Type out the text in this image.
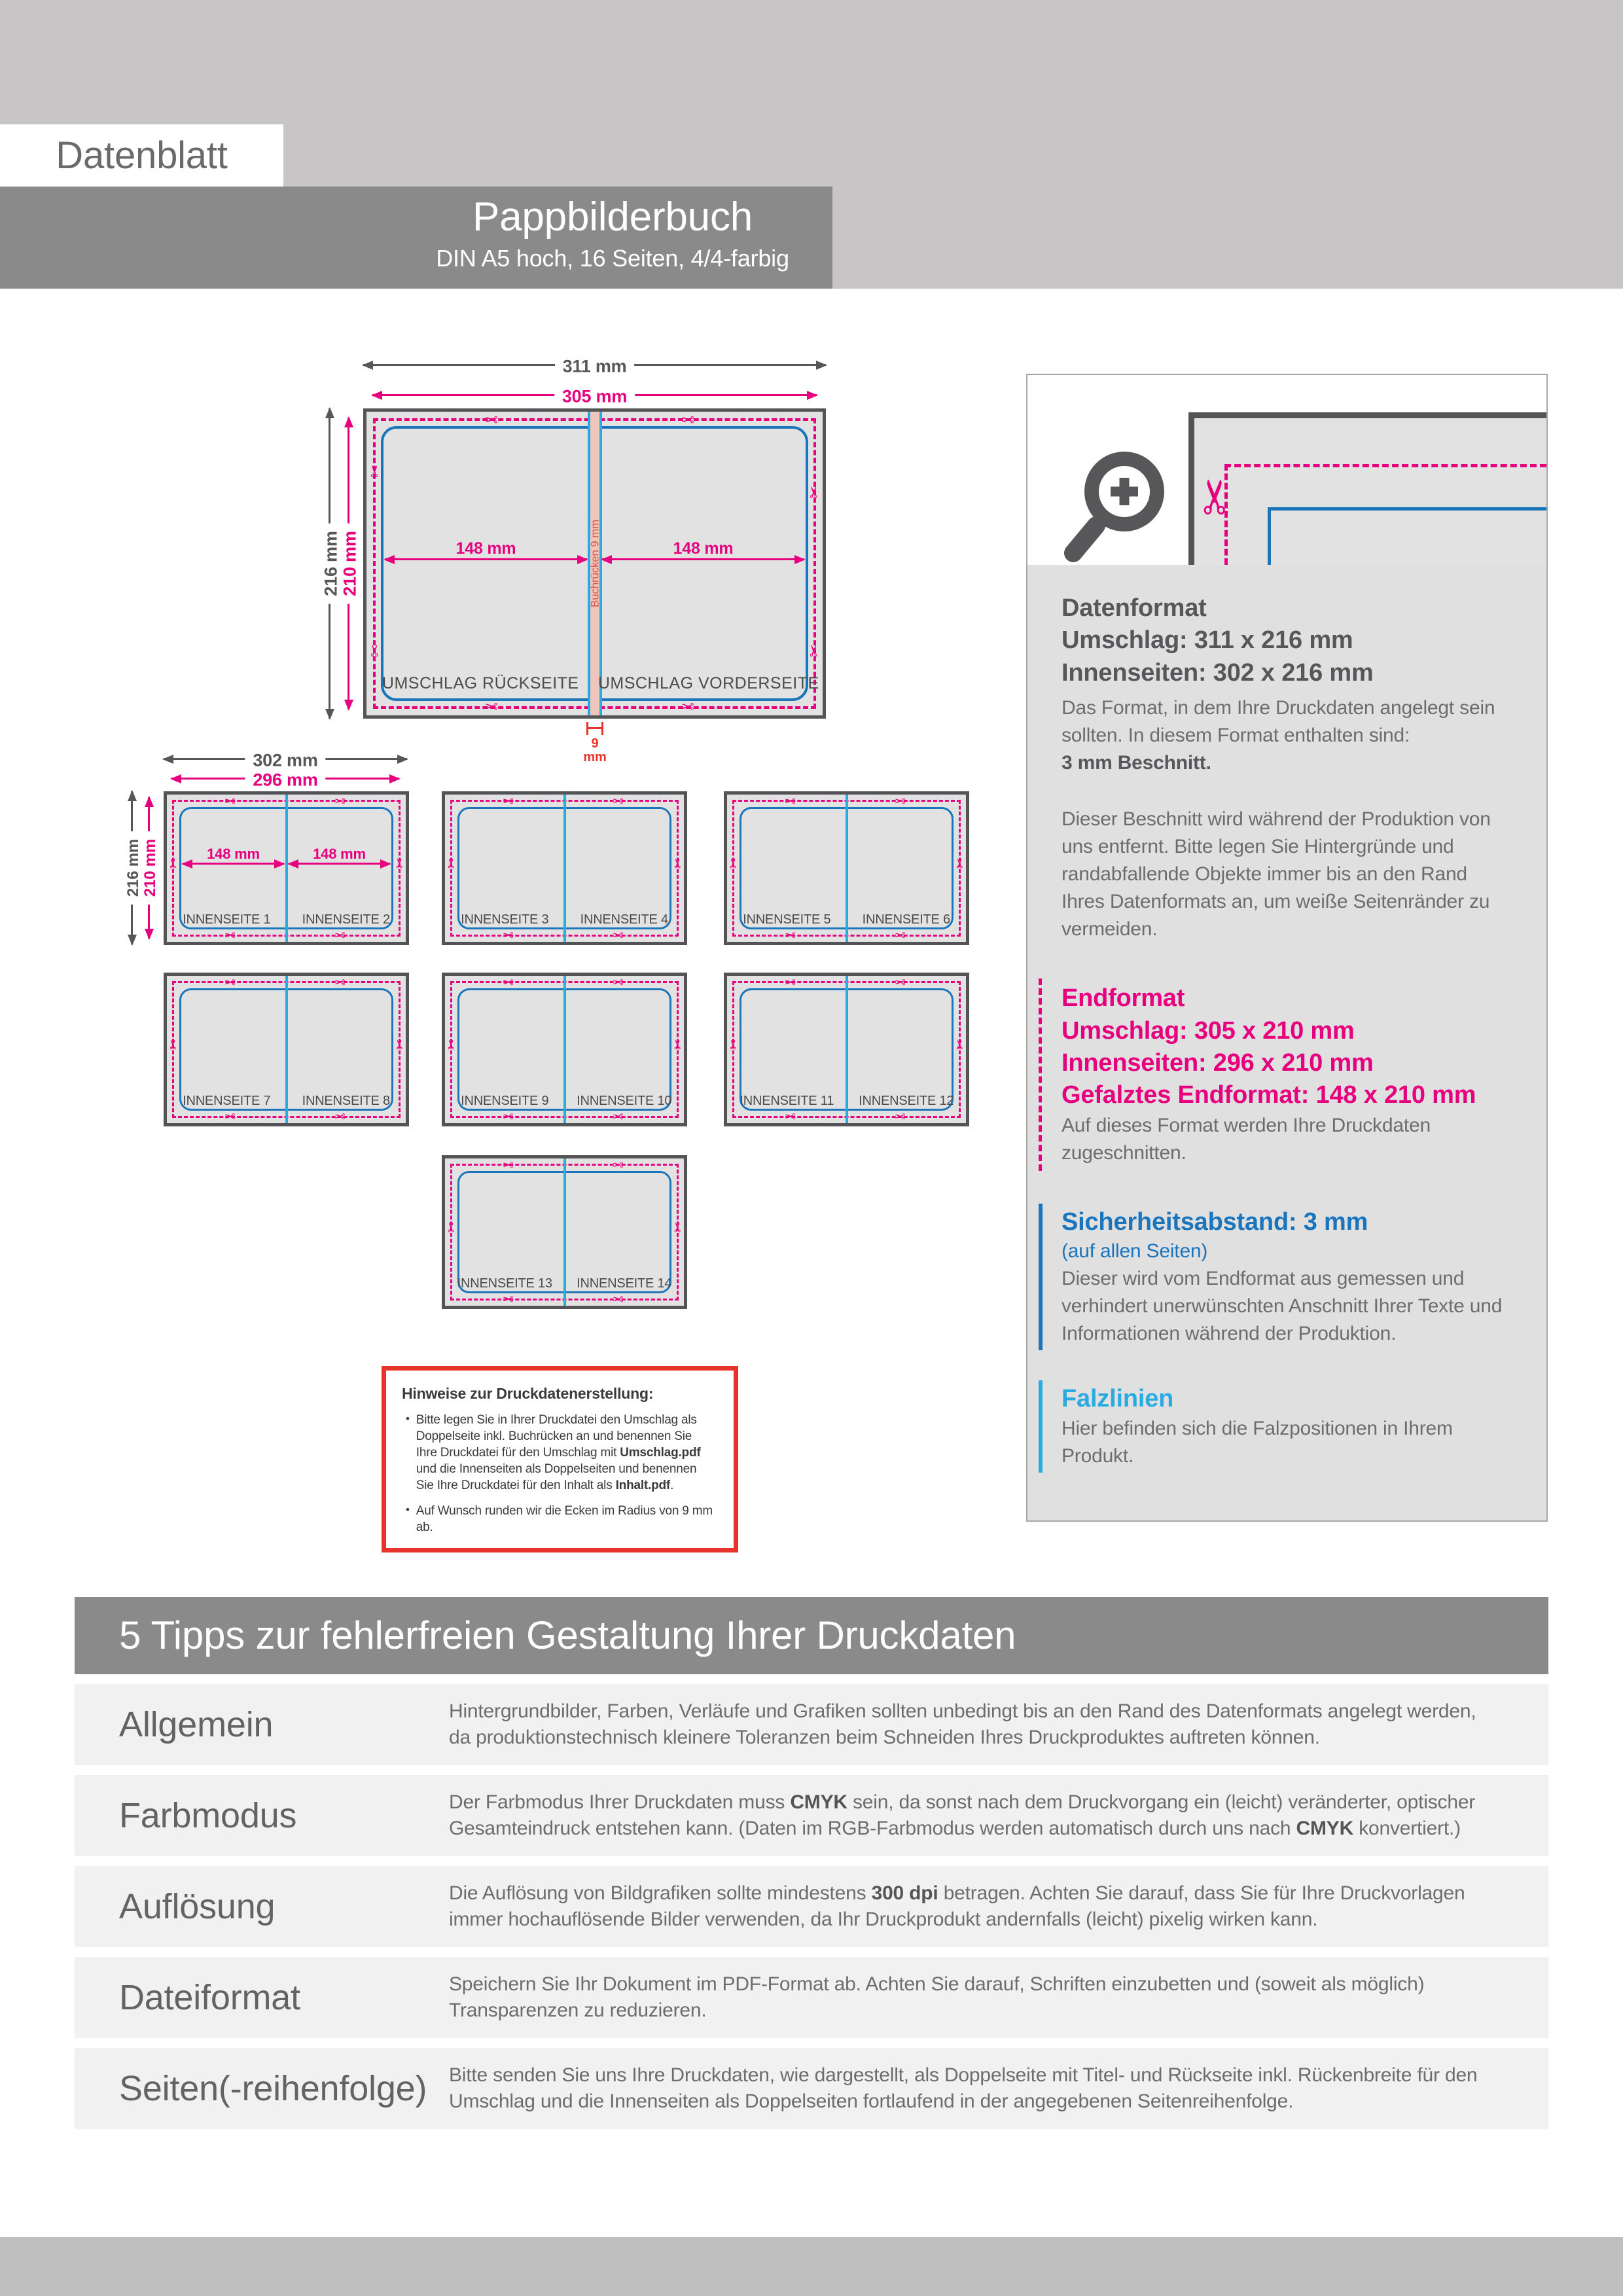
Pappbilderbuch
DIN A5 hoch, 16 Seiten, 4/4-farbig
Datenblatt
311 mm
305 mm
216 mm 210 mm	Buchrücken 9 mm
148 mm	148 mm
UMSCHLAG RÜCKSEITE	UMSCHLAG VORDERSEITE
✂
✂
✂
✂
✂
✂
✂
✂
9
mm
302 mm
296 mm
216 mm 210 mm	148 mm	148 mm
INNENSEITE 1	INNENSEITE 2
✂
✂
✂
✂
✂
✂	INNENSEITE 3	INNENSEITE 4
✂
✂
✂
✂
✂
✂	INNENSEITE 5	INNENSEITE 6
✂
✂
✂
✂
✂
✂
INNENSEITE 7	INNENSEITE 8
✂
✂
✂
✂
✂
✂	INNENSEITE 9	INNENSEITE 10
✂
✂
✂
✂
✂
✂	INNENSEITE 11	INNENSEITE 12
✂
✂
✂
✂
✂
✂
INNENSEITE 13	INNENSEITE 14
✂
✂
✂
✂
✂
✂
Hinweise zur Druckdatenerstellung:
• Bitte legen Sie in Ihrer Druckdatei den Umschlag als Doppelseite inkl. Buchrücken an und benennen Sie Ihre Druckdatei für den Umschlag mit Umschlag.pdf und die Innenseiten als Doppelseiten und benennen Sie Ihre Druckdatei für den Inhalt als Inhalt.pdf.
• Auf Wunsch runden wir die Ecken im Radius von 9 mm ab.
✂
Datenformat
Umschlag: 311 x 216 mm
Innenseiten: 302 x 216 mm
Das Format, in dem Ihre Druckdaten angelegt sein sollten. In diesem Format enthalten sind:
3 mm Beschnitt.
Dieser Beschnitt wird während der Produktion von uns entfernt. Bitte legen Sie Hintergründe und randabfallende Objekte immer bis an den Rand Ihres Datenformats an, um weiße Seitenränder zu vermeiden.
Endformat
Umschlag: 305 x 210 mm
Innenseiten: 296 x 210 mm
Gefalztes Endformat: 148 x 210 mm
Auf dieses Format werden Ihre Druckdaten zugeschnitten.
Sicherheitsabstand: 3 mm
(auf allen Seiten)
Dieser wird vom Endformat aus gemessen und verhindert unerwünschten Anschnitt Ihrer Texte und Informationen während der Produktion.
Falzlinien
Hier befinden sich die Falzpositionen in Ihrem Produkt.
5 Tipps zur fehlerfreien Gestaltung Ihrer Druckdaten
Allgemein	Hintergrundbilder, Farben, Verläufe und Grafiken sollten unbedingt bis an den Rand des Datenformats angelegt werden, da produktionstechnisch kleinere Toleranzen beim Schneiden Ihres Druckproduktes auftreten können.
Farbmodus	Der Farbmodus Ihrer Druckdaten muss CMYK sein, da sonst nach dem Druckvorgang ein (leicht) veränderter, optischer Gesamteindruck entstehen kann. (Daten im RGB-Farbmodus werden automatisch durch uns nach CMYK konvertiert.)
Auflösung	Die Auflösung von Bildgrafiken sollte mindestens 300 dpi betragen. Achten Sie darauf, dass Sie für Ihre Druckvorlagen immer hochauflösende Bilder verwenden, da Ihr Druckprodukt andernfalls (leicht) pixelig wirken kann.
Dateiformat	Speichern Sie Ihr Dokument im PDF-Format ab. Achten Sie darauf, Schriften einzubetten und (soweit als möglich) Transparenzen zu reduzieren.
Seiten(-reihenfolge)	Bitte senden Sie uns Ihre Druckdaten, wie dargestellt, als Doppelseite mit Titel- und Rückseite inkl. Rückenbreite für den Umschlag und die Innenseiten als Doppelseiten fortlaufend in der angegebenen Seitenreihenfolge.
